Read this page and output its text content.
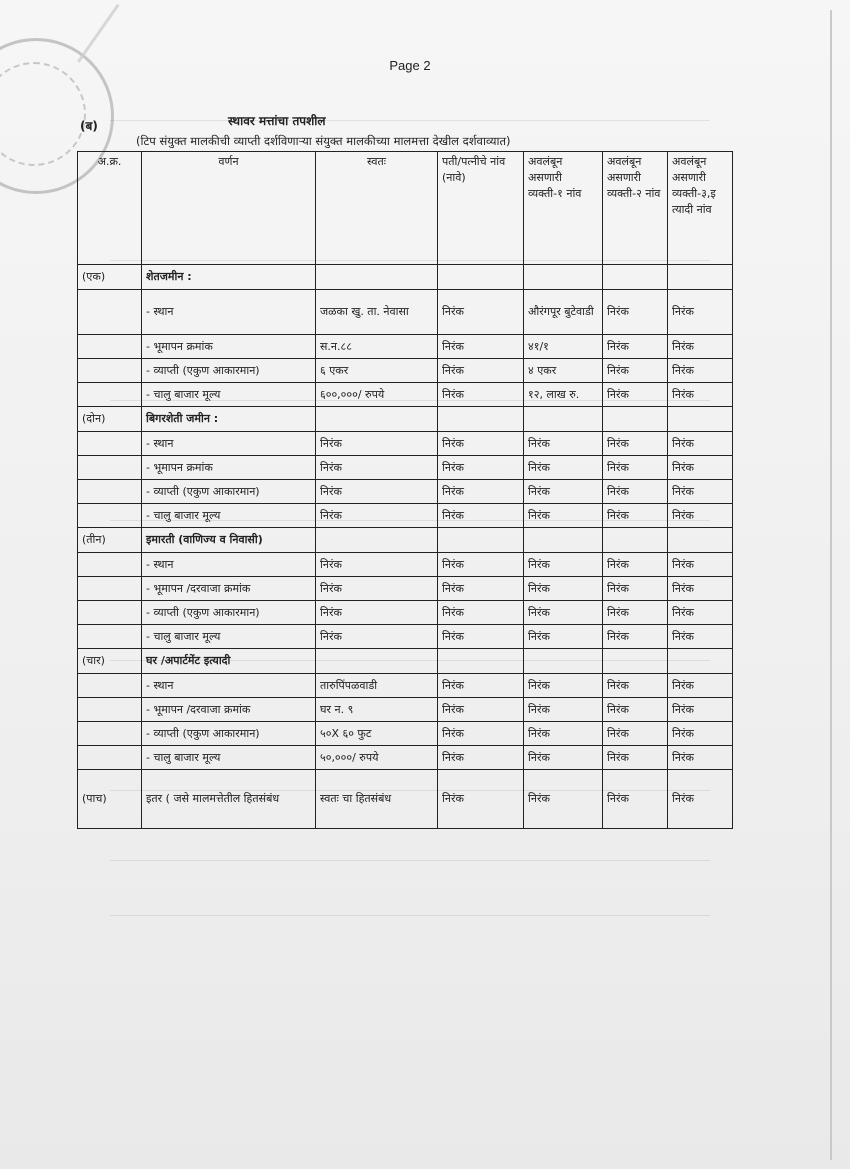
Page 2
(ब)	स्थावर मत्तांचा तपशील
(टिप संयुक्त मालकीची व्याप्ती दर्शविणाऱ्या संयुक्त मालकीच्या मालमत्ता देखील दर्शवाव्यात)
अ.क्र.	वर्णन	स्वतः	पती/पत्नीचे नांव (नावे)	अवलंबून असणारी व्यक्ती-१ नांव	अवलंबून असणारी व्यक्ती-२ नांव	अवलंबून असणारी व्यक्ती-३,इत्यादी नांव
(एक)	शेतजमीन :					
	- स्थान	जळका खु. ता. नेवासा	निरंक	औरंगपूर बुटेवाडी	निरंक	निरंक
	- भूमापन क्रमांक	स.न.८८	निरंक	४१/१	निरंक	निरंक
	- व्याप्ती (एकुण आकारमान)	६ एकर	निरंक	४ एकर	निरंक	निरंक
	- चालु बाजार मूल्य	६००,०००/ रुपये	निरंक	१२, लाख रु.	निरंक	निरंक
(दोन)	बिगरशेती जमीन :					
	- स्थान	निरंक	निरंक	निरंक	निरंक	निरंक
	- भूमापन क्रमांक	निरंक	निरंक	निरंक	निरंक	निरंक
	- व्याप्ती (एकुण आकारमान)	निरंक	निरंक	निरंक	निरंक	निरंक
	- चालु बाजार मूल्य	निरंक	निरंक	निरंक	निरंक	निरंक
(तीन)	इमारती (वाणिज्य व निवासी)					
	- स्थान	निरंक	निरंक	निरंक	निरंक	निरंक
	- भूमापन /दरवाजा क्रमांक	निरंक	निरंक	निरंक	निरंक	निरंक
	- व्याप्ती (एकुण आकारमान)	निरंक	निरंक	निरंक	निरंक	निरंक
	- चालु बाजार मूल्य	निरंक	निरंक	निरंक	निरंक	निरंक
(चार)	घर /अपार्टमेंट इत्यादी					
	- स्थान	तारुपिंपळवाडी	निरंक	निरंक	निरंक	निरंक
	- भूमापन /दरवाजा क्रमांक	घर न. ९	निरंक	निरंक	निरंक	निरंक
	- व्याप्ती (एकुण आकारमान)	५०X ६० फुट	निरंक	निरंक	निरंक	निरंक
	- चालु बाजार मूल्य	५०,०००/ रुपये	निरंक	निरंक	निरंक	निरंक
(पाच)	इतर ( जसे मालमत्तेतील हितसंबंध	स्वतः चा हितसंबंध	निरंक	निरंक	निरंक	निरंक
